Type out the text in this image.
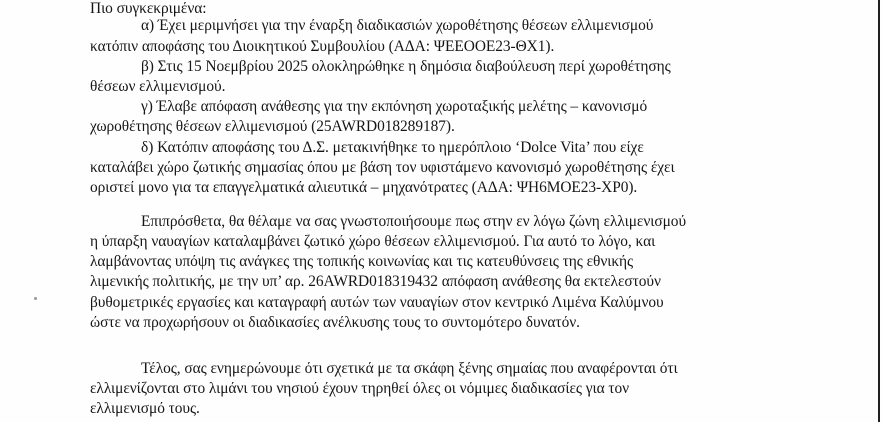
Πιο συγκεκριμένα:
α) Έχει μεριμνήσει για την έναρξη διαδικασιών χωροθέτησης θέσεων ελλιμενισμού
κατόπιν αποφάσης του Διοικητικού Συμβουλίου (ΑΔΑ: ΨΕΕΟΟΕ23-ΘΧ1).
β) Στις 15 Νοεμβρίου 2025 ολοκληρώθηκε η δημόσια διαβούλευση περί χωροθέτησης
θέσεων ελλιμενισμού.
γ) Έλαβε απόφαση ανάθεσης για την εκπόνηση χωροταξικής μελέτης – κανονισμό
χωροθέτησης θέσεων ελλιμενισμού (25AWRD018289187).
δ) Κατόπιν αποφάσης του Δ.Σ. μετακινήθηκε το ημερόπλοιο ‘Dolce Vita’ που είχε
καταλάβει χώρο ζωτικής σημασίας όπου με βάση τον υφιστάμενο κανονισμό χωροθέτησης έχει
οριστεί μονο για τα επαγγελματικά αλιευτικά – μηχανότρατες (ΑΔΑ: ΨΗ6ΜΟΕ23-ΧΡ0).
Επιπρόσθετα, θα θέλαμε να σας γνωστοποιήσουμε πως στην εν λόγω ζώνη ελλιμενισμού
η ύπαρξη ναυαγίων καταλαμβάνει ζωτικό χώρο θέσεων ελλιμενισμού. Για αυτό το λόγο, και
λαμβάνοντας υπόψη τις ανάγκες της τοπικής κοινωνίας και τις κατευθύνσεις της εθνικής
λιμενικής πολιτικής, με την υπ’ αρ. 26AWRD018319432 απόφαση ανάθεσης θα εκτελεστούν
βυθομετρικές εργασίες και καταγραφή αυτών των ναυαγίων στον κεντρικό Λιμένα Καλύμνου
ώστε να προχωρήσουν οι διαδικασίες ανέλκυσης τους το συντομότερο δυνατόν.
Τέλος, σας ενημερώνουμε ότι σχετικά με τα σκάφη ξένης σημαίας που αναφέρονται ότι
ελλιμενίζονται στο λιμάνι του νησιού έχουν τηρηθεί όλες οι νόμιμες διαδικασίες για τον
ελλιμενισμό τους.
